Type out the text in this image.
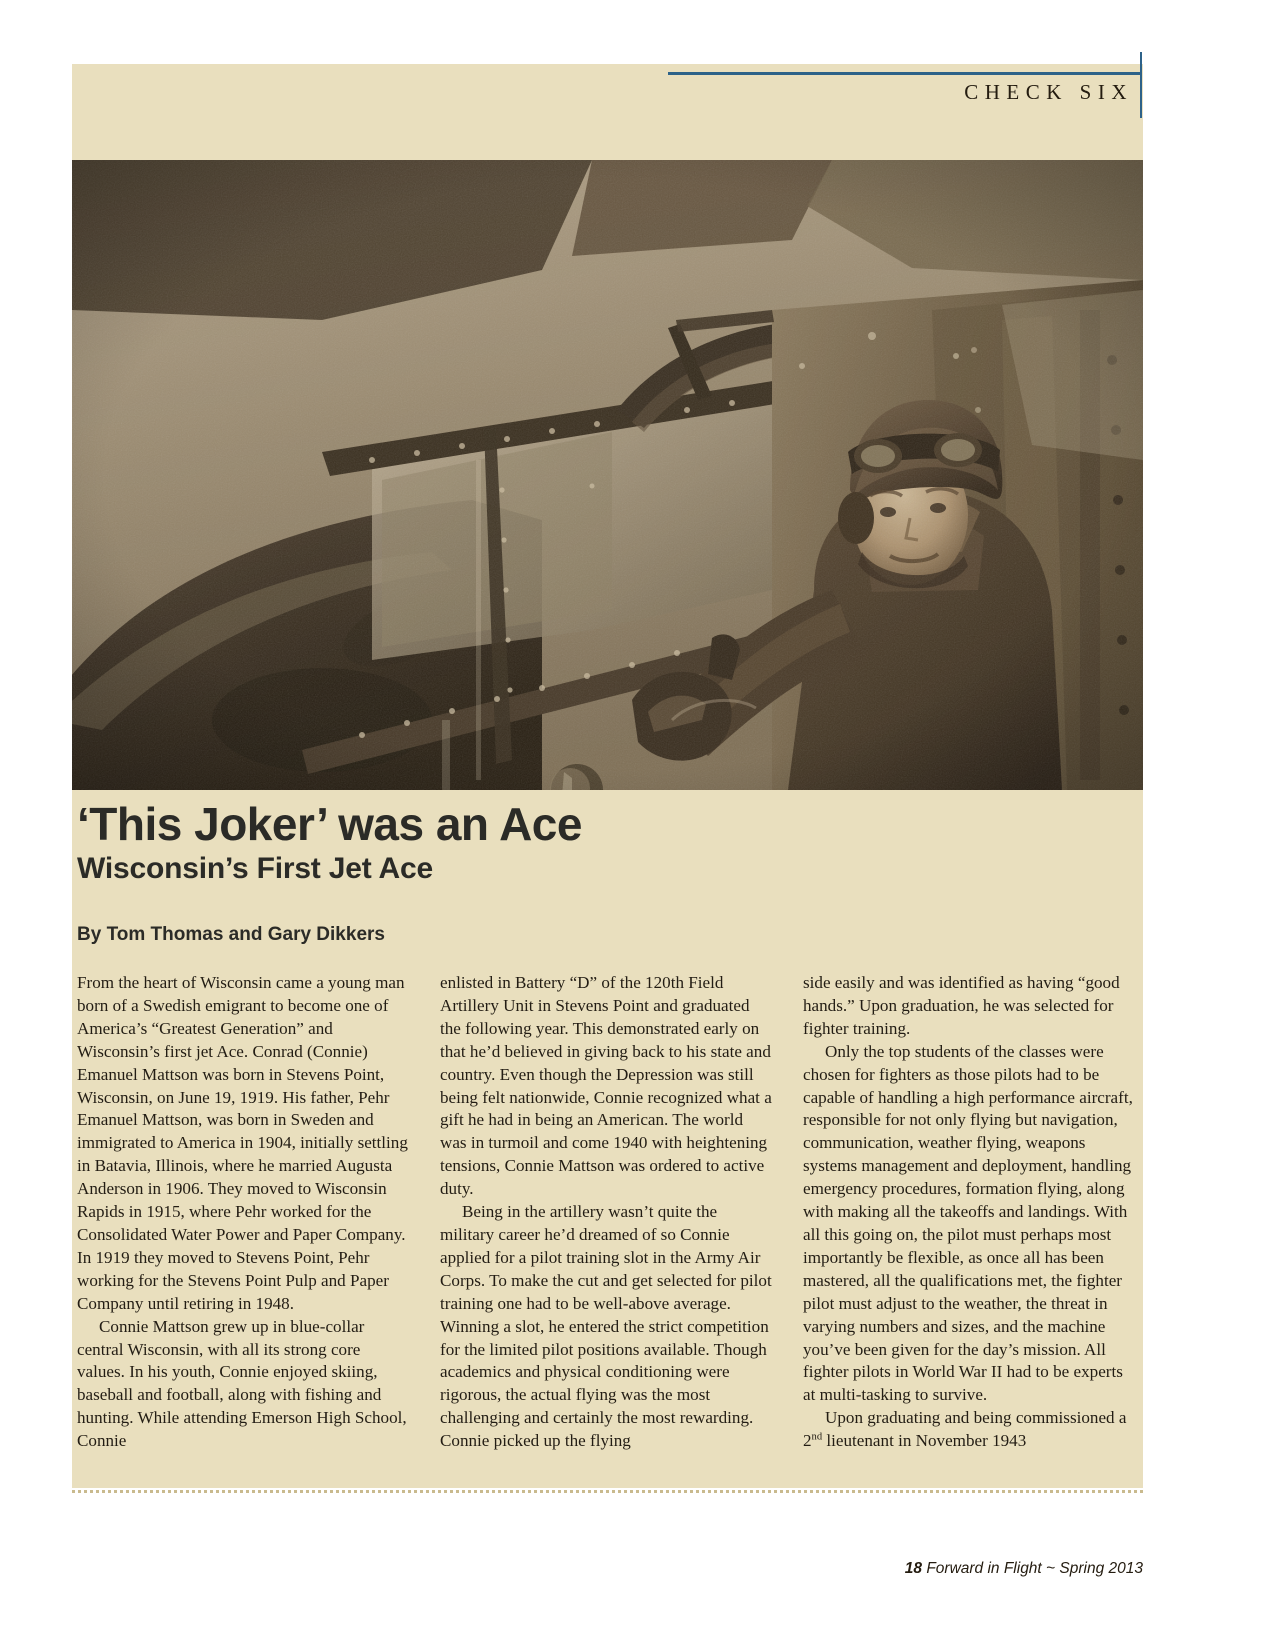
CHECK SIX
‘This Joker’ was an Ace
Wisconsin’s First Jet Ace
By Tom Thomas and Gary Dikkers

From the heart of Wisconsin came a young man born of a Swedish emigrant to become one of America’s “Greatest Generation” and Wisconsin’s first jet Ace. Conrad (Connie) Emanuel Mattson was born in Stevens Point, Wisconsin, on June 19, 1919. His father, Pehr Emanuel Mattson, was born in Sweden and immigrated to America in 1904, initially settling in Batavia, Illinois, where he married Augusta Anderson in 1906. They moved to Wisconsin Rapids in 1915, where Pehr worked for the Consolidated Water Power and Paper Company. In 1919 they moved to Stevens Point, Pehr working for the Stevens Point Pulp and Paper Company until retiring in 1948.

Connie Mattson grew up in blue-collar central Wisconsin, with all its strong core values. In his youth, Connie enjoyed skiing, baseball and football, along with fishing and hunting. While attending Emerson High School, Connie

enlisted in Battery “D” of the 120th Field Artillery Unit in Stevens Point and graduated the following year. This demonstrated early on that he’d believed in giving back to his state and country. Even though the Depression was still being felt nationwide, Connie recognized what a gift he had in being an American. The world was in turmoil and come 1940 with heightening tensions, Connie Mattson was ordered to active duty.

Being in the artillery wasn’t quite the military career he’d dreamed of so Connie applied for a pilot training slot in the Army Air Corps. To make the cut and get selected for pilot training one had to be well-above average. Winning a slot, he entered the strict competition for the limited pilot positions available. Though academics and physical conditioning were rigorous, the actual flying was the most challenging and certainly the most rewarding. Connie picked up the flying

side easily and was identified as having “good hands.” Upon graduation, he was selected for fighter training.

Only the top students of the classes were chosen for fighters as those pilots had to be capable of handling a high performance aircraft, responsible for not only flying but navigation, communication, weather flying, weapons systems management and deployment, handling emergency procedures, formation flying, along with making all the takeoffs and landings. With all this going on, the pilot must perhaps most importantly be flexible, as once all has been mastered, all the qualifications met, the fighter pilot must adjust to the weather, the threat in varying numbers and sizes, and the machine you’ve been given for the day’s mission. All fighter pilots in World War II had to be experts at multi-tasking to survive.

Upon graduating and being commissioned a 2nd lieutenant in November 1943

18 Forward in Flight ~ Spring 2013
